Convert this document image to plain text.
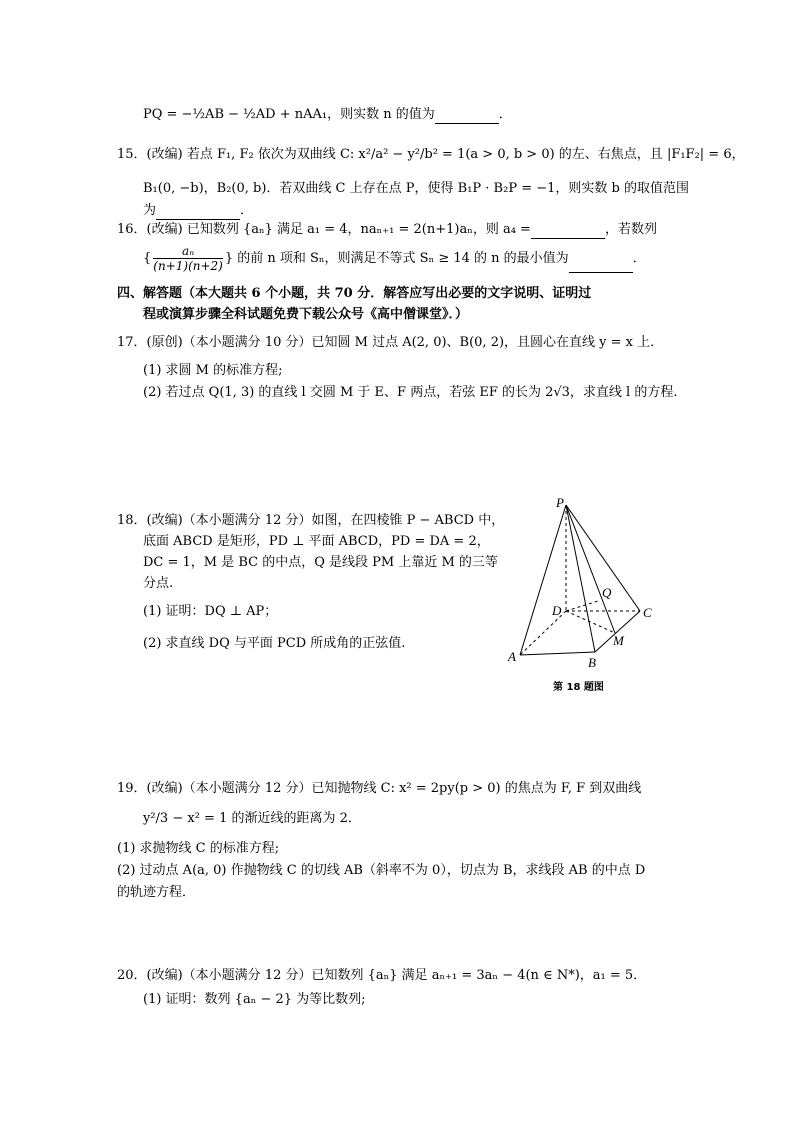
PQ = −½AB − ½AD + nAA₁，则实数 n 的值为	．
15．(改编) 若点 F₁, F₂ 依次为双曲线 C: x²/a² − y²/b² = 1(a > 0, b > 0) 的左、右焦点，且 |F₁F₂| = 6，
B₁(0, −b)，B₂(0, b)．若双曲线 C 上存在点 P，使得 B₁P · B₂P = −1，则实数 b 的取值范围
为	．
16．(改编) 已知数列 {aₙ} 满足 a₁ = 4，naₙ₊₁ = 2(n+1)aₙ，则 a₄ =	，若数列
{ $\frac{\text{aₙ}}{(n+1)(n+2)}$ } 的前 n 项和 Sₙ，则满足不等式 Sₙ ≥ 14 的 n 的最小值为	．
四、解答题（本大题共 6 个小题，共 70 分．解答应写出必要的文字说明、证明过
程或演算步骤全科试题免费下载公众号《高中僧课堂》．）
17．(原创)（本小题满分 10 分）已知圆 M 过点 A(2, 0)、B(0, 2)，且圆心在直线 y = x 上．
(1) 求圆 M 的标准方程;
(2) 若过点 Q(1, 3) 的直线 l 交圆 M 于 E、F 两点，若弦 EF 的长为 2√3，求直线 l 的方程.
18．(改编)（本小题满分 12 分）如图，在四棱锥 P − ABCD 中，
底面 ABCD 是矩形，PD ⊥ 平面 ABCD，PD = DA = 2，
DC = 1，M 是 BC 的中点，Q 是线段 PM 上靠近 M 的三等
分点.
(1) 证明：DQ ⊥ AP；
(2) 求直线 DQ 与平面 PCD 所成角的正弦值.
P
D
Q
C
M
A	B
第 18 题图
19．(改编)（本小题满分 12 分）已知抛物线 C: x² = 2py(p > 0) 的焦点为 F, F 到双曲线
y²/3 − x² = 1 的渐近线的距离为 2．
(1) 求抛物线 C 的标准方程;
(2) 过动点 A(a, 0) 作抛物线 C 的切线 AB（斜率不为 0），切点为 B，求线段 AB 的中点 D
的轨迹方程．
20．(改编)（本小题满分 12 分）已知数列 {aₙ} 满足 aₙ₊₁ = 3aₙ − 4(n ∈ N*)，a₁ = 5．
(1) 证明：数列 {aₙ − 2} 为等比数列;
